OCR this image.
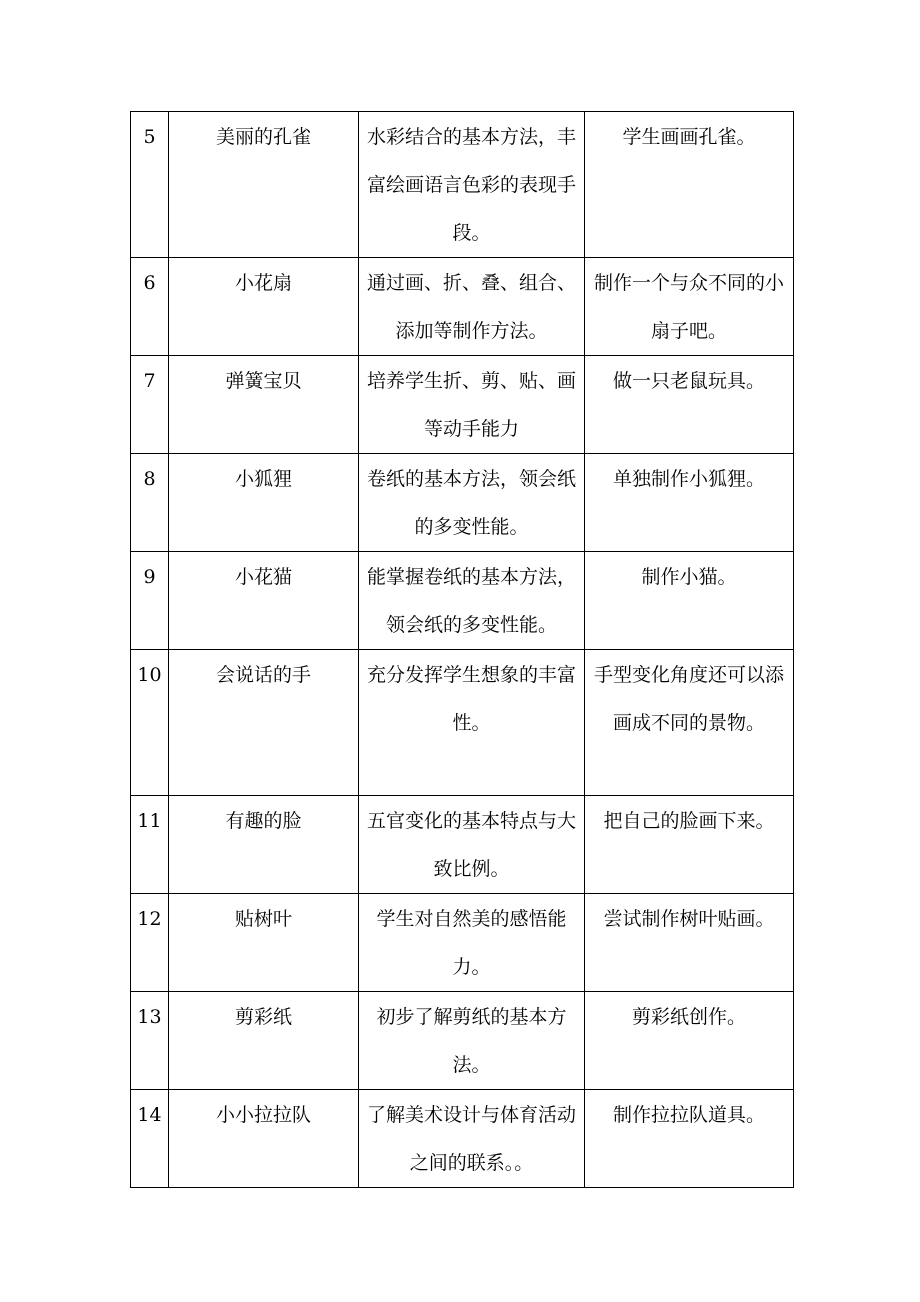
5	美丽的孔雀	水彩结合的基本方法，丰富绘画语言色彩的表现手段。	学生画画孔雀。

6	小花扇	通过画、折、叠、组合、添加等制作方法。	制作一个与众不同的小扇子吧。

7	弹簧宝贝	培养学生折、剪、贴、画等动手能力	做一只老鼠玩具。

8	小狐狸	卷纸的基本方法，领会纸的多变性能。	单独制作小狐狸。

9	小花猫	能掌握卷纸的基本方法，领会纸的多变性能。	制作小猫。

10	会说话的手	充分发挥学生想象的丰富性。	手型变化角度还可以添画成不同的景物。

11	有趣的脸	五官变化的基本特点与大致比例。	把自己的脸画下来。

12	贴树叶	学生对自然美的感悟能力。	尝试制作树叶贴画。

13	剪彩纸	初步了解剪纸的基本方法。	剪彩纸创作。

14	小小拉拉队	了解美术设计与体育活动之间的联系。。	制作拉拉队道具。
